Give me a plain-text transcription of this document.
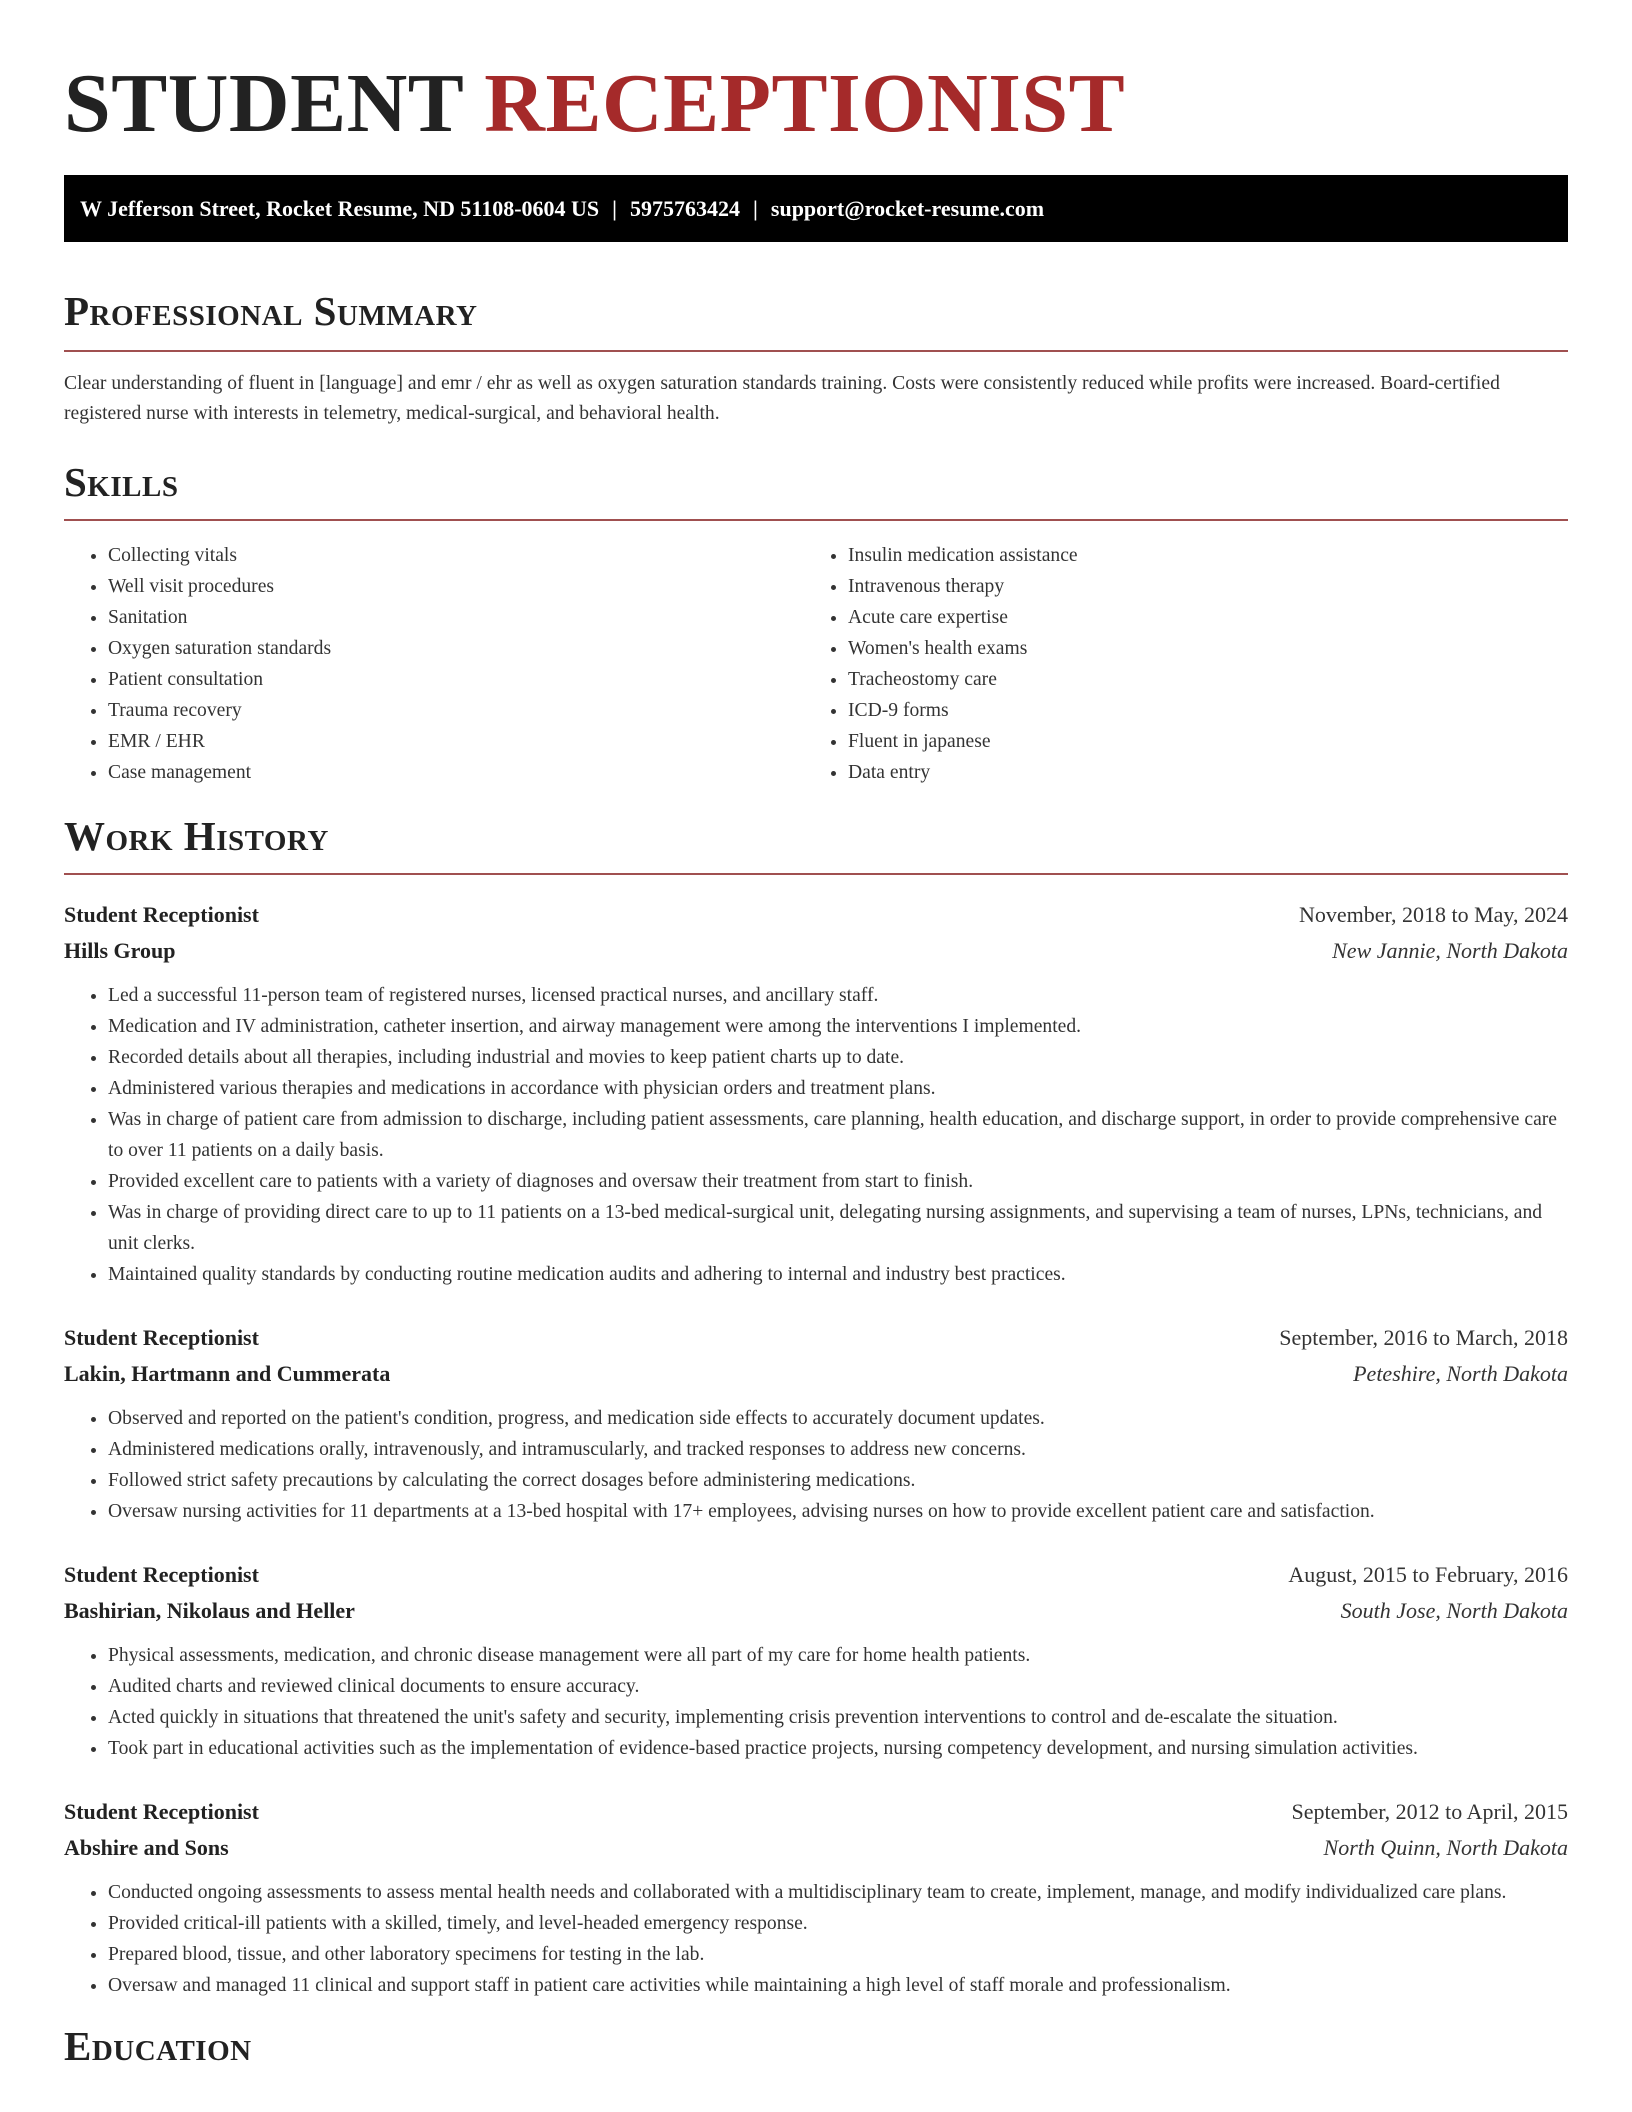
STUDENT RECEPTIONIST
W Jefferson Street, Rocket Resume, ND 51108-0604 US | 5975763424 | support@rocket-resume.com
Professional Summary
Clear understanding of fluent in [language] and emr / ehr as well as oxygen saturation standards training. Costs were consistently reduced while profits were increased. Board-certified registered nurse with interests in telemetry, medical-surgical, and behavioral health.
Skills
• Collecting vitals
• Well visit procedures
• Sanitation
• Oxygen saturation standards
• Patient consultation
• Trauma recovery
• EMR / EHR
• Case management
• Insulin medication assistance
• Intravenous therapy
• Acute care expertise
• Women's health exams
• Tracheostomy care
• ICD-9 forms
• Fluent in japanese
• Data entry
Work History
Student Receptionist	November, 2018 to May, 2024
Hills Group	New Jannie, North Dakota
• Led a successful 11-person team of registered nurses, licensed practical nurses, and ancillary staff.
• Medication and IV administration, catheter insertion, and airway management were among the interventions I implemented.
• Recorded details about all therapies, including industrial and movies to keep patient charts up to date.
• Administered various therapies and medications in accordance with physician orders and treatment plans.
• Was in charge of patient care from admission to discharge, including patient assessments, care planning, health education, and discharge support, in order to provide comprehensive care to over 11 patients on a daily basis.
• Provided excellent care to patients with a variety of diagnoses and oversaw their treatment from start to finish.
• Was in charge of providing direct care to up to 11 patients on a 13-bed medical-surgical unit, delegating nursing assignments, and supervising a team of nurses, LPNs, technicians, and unit clerks.
• Maintained quality standards by conducting routine medication audits and adhering to internal and industry best practices.
Student Receptionist	September, 2016 to March, 2018
Lakin, Hartmann and Cummerata	Peteshire, North Dakota
• Observed and reported on the patient's condition, progress, and medication side effects to accurately document updates.
• Administered medications orally, intravenously, and intramuscularly, and tracked responses to address new concerns.
• Followed strict safety precautions by calculating the correct dosages before administering medications.
• Oversaw nursing activities for 11 departments at a 13-bed hospital with 17+ employees, advising nurses on how to provide excellent patient care and satisfaction.
Student Receptionist	August, 2015 to February, 2016
Bashirian, Nikolaus and Heller	South Jose, North Dakota
• Physical assessments, medication, and chronic disease management were all part of my care for home health patients.
• Audited charts and reviewed clinical documents to ensure accuracy.
• Acted quickly in situations that threatened the unit's safety and security, implementing crisis prevention interventions to control and de-escalate the situation.
• Took part in educational activities such as the implementation of evidence-based practice projects, nursing competency development, and nursing simulation activities.
Student Receptionist	September, 2012 to April, 2015
Abshire and Sons	North Quinn, North Dakota
• Conducted ongoing assessments to assess mental health needs and collaborated with a multidisciplinary team to create, implement, manage, and modify individualized care plans.
• Provided critical-ill patients with a skilled, timely, and level-headed emergency response.
• Prepared blood, tissue, and other laboratory specimens for testing in the lab.
• Oversaw and managed 11 clinical and support staff in patient care activities while maintaining a high level of staff morale and professionalism.
Education
